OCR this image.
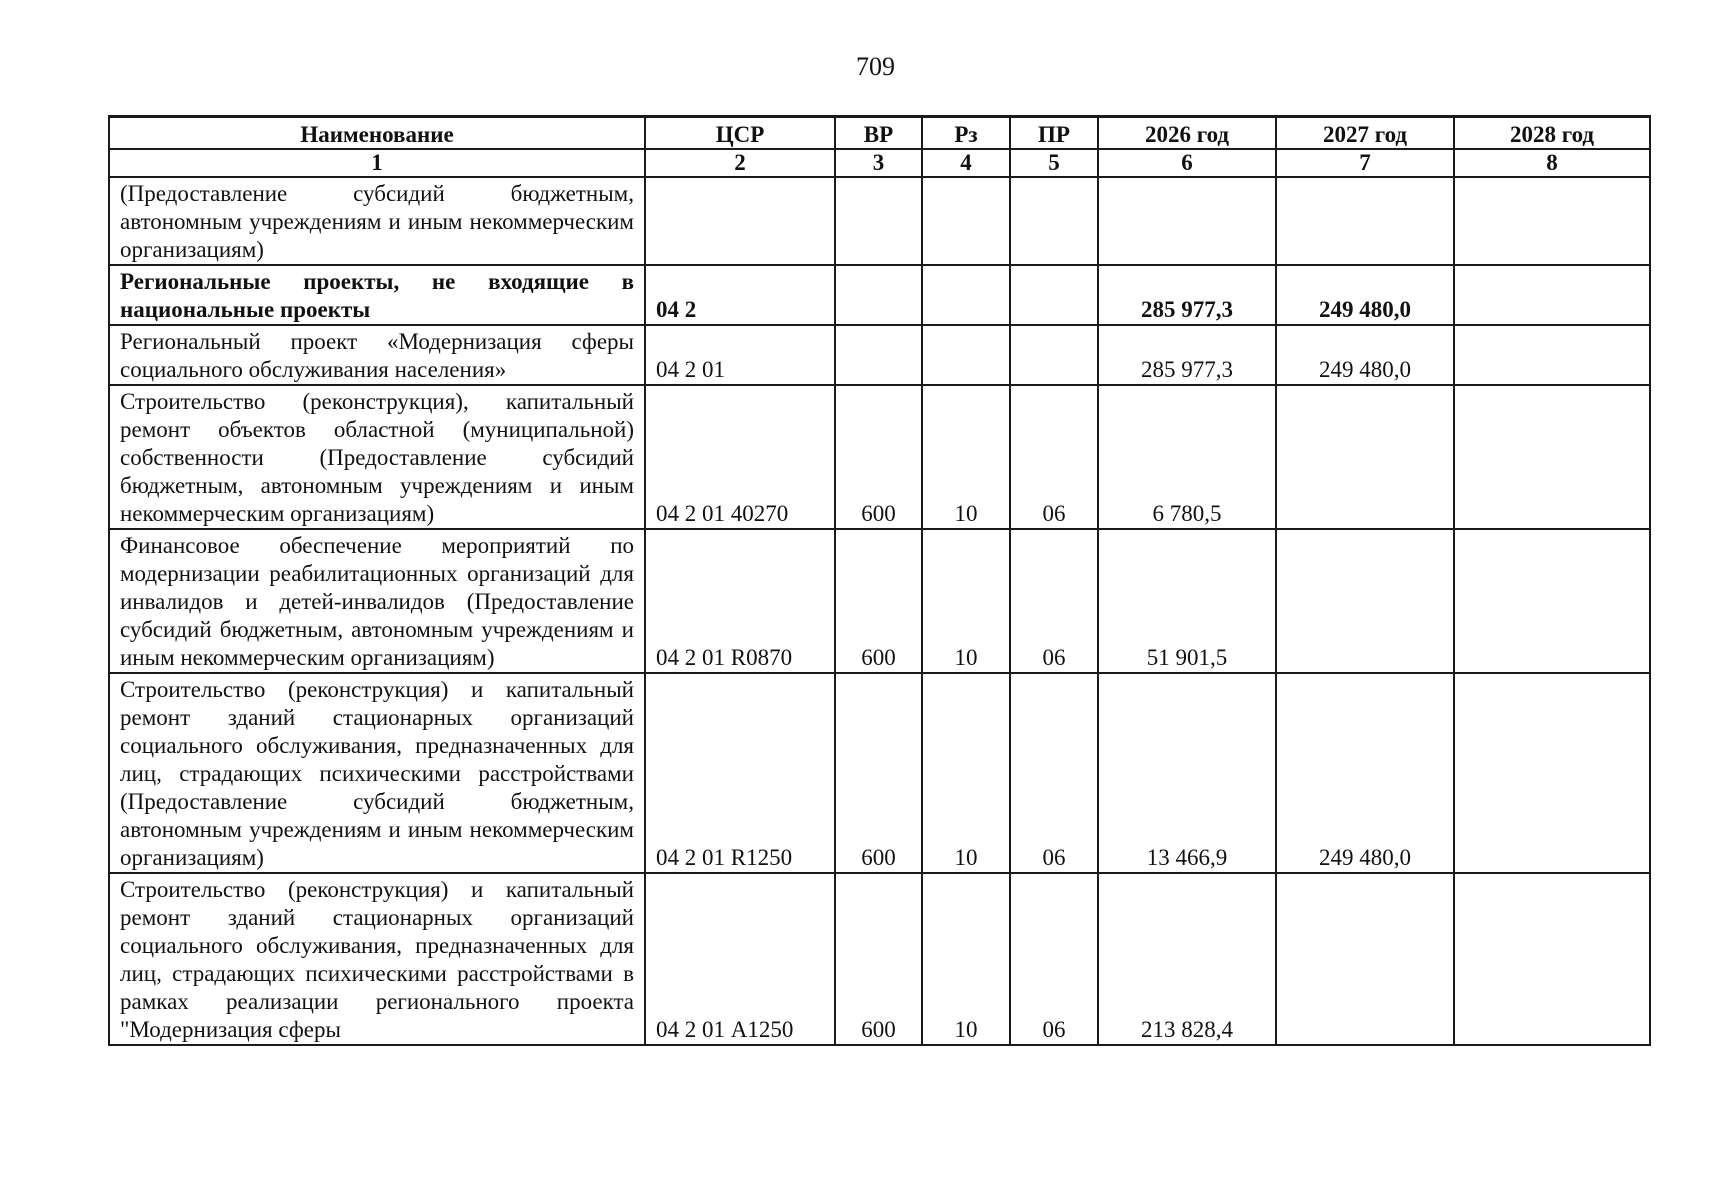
709
Наименование	ЦСР	ВР	Рз	ПР	2026 год	2027 год	2028 год
1	2	3	4	5	6	7	8
(Предоставление субсидий бюджетным, автономным учреждениям и иным некоммерческим организациям)							
Региональные проекты, не входящие в национальные проекты	04 2				285 977,3	249 480,0	
Региональный проект «Модернизация сферы социального обслуживания населения»	04 2 01				285 977,3	249 480,0	
Строительство (реконструкция), капитальный ремонт объектов областной (муниципальной) собственности (Предоставление субсидий бюджетным, автономным учреждениям и иным некоммерческим организациям)	04 2 01 40270	600	10	06	6 780,5		
Финансовое обеспечение мероприятий по модернизации реабилитационных организаций для инвалидов и детей-инвалидов (Предоставление субсидий бюджетным, автономным учреждениям и иным некоммерческим организациям)	04 2 01 R0870	600	10	06	51 901,5		
Строительство (реконструкция) и капитальный ремонт зданий стационарных организаций социального обслуживания, предназначенных для лиц, страдающих психическими расстройствами (Предоставление субсидий бюджетным, автономным учреждениям и иным некоммерческим организациям)	04 2 01 R1250	600	10	06	13 466,9	249 480,0	
Строительство (реконструкция) и капитальный ремонт зданий стационарных организаций социального обслуживания, предназначенных для лиц, страдающих психическими расстройствами в рамках реализации регионального проекта "Модернизация сферы	04 2 01 А1250	600	10	06	213 828,4		
